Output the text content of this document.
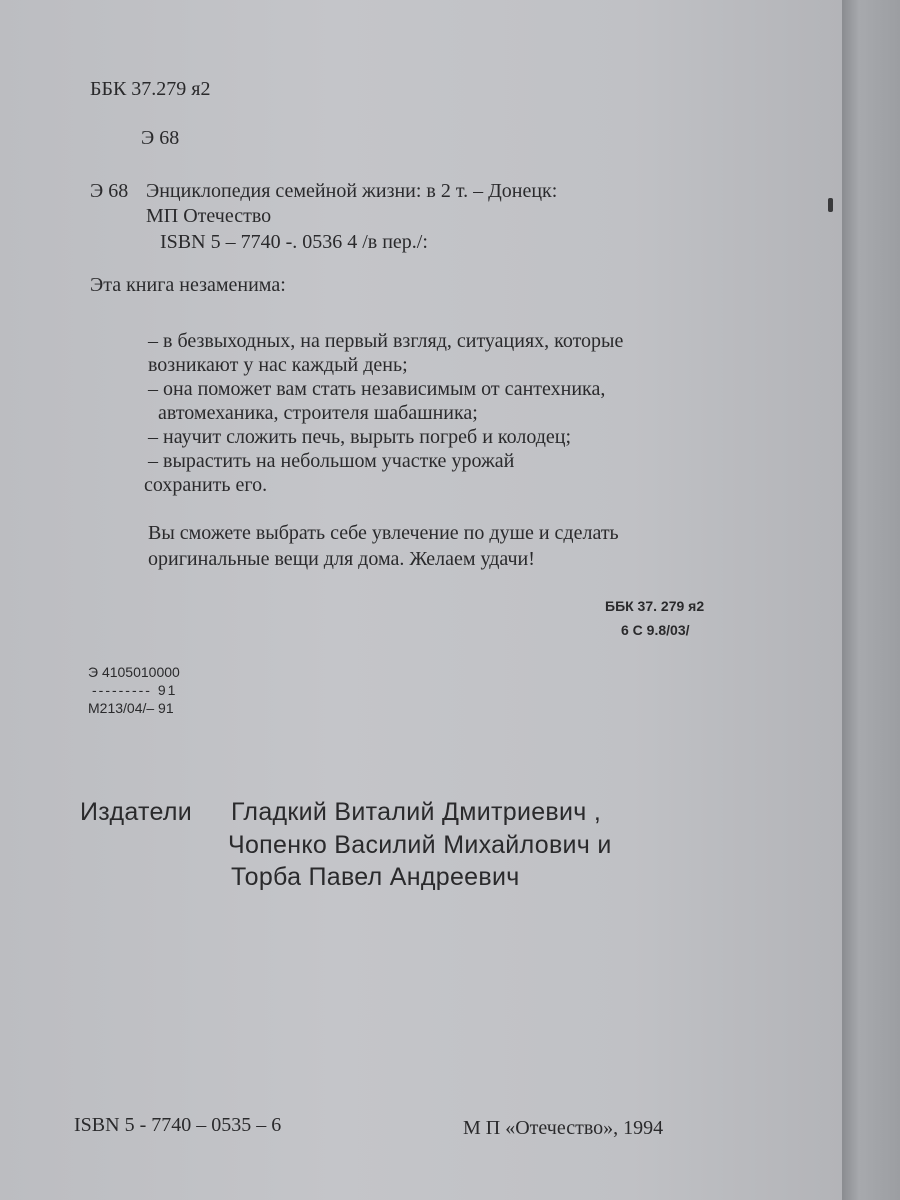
ББК 37.279 я2

Э 68

Э 68 Энциклопедия семейной жизни: в 2 т. – Донецк:

МП Отечество

ISBN 5 – 7740 -. 0536 4 /в пер./:

Эта книга незаменима:

– в безвыходных, на первый взгляд, ситуациях, которые

возникают у нас каждый день;

– она поможет вам стать независимым от сантехника,

автомеханика, строителя шабашника;

– научит сложить печь, вырыть погреб и колодец;

– вырастить на небольшом участке урожай

сохранить его.

Вы сможете выбрать себе увлечение по душе и сделать

оригинальные вещи для дома. Желаем удачи!

ББК 37. 279 я2

6 С 9.8/03/

Э 4105010000

--------- 91

М213/04/– 91

Издатели Гладкий Виталий Дмитриевич ,

Чопенко Василий Михайлович и

Торба Павел Андреевич

ISBN 5 - 7740 – 0535 – 6	М П «Отечество», 1994
